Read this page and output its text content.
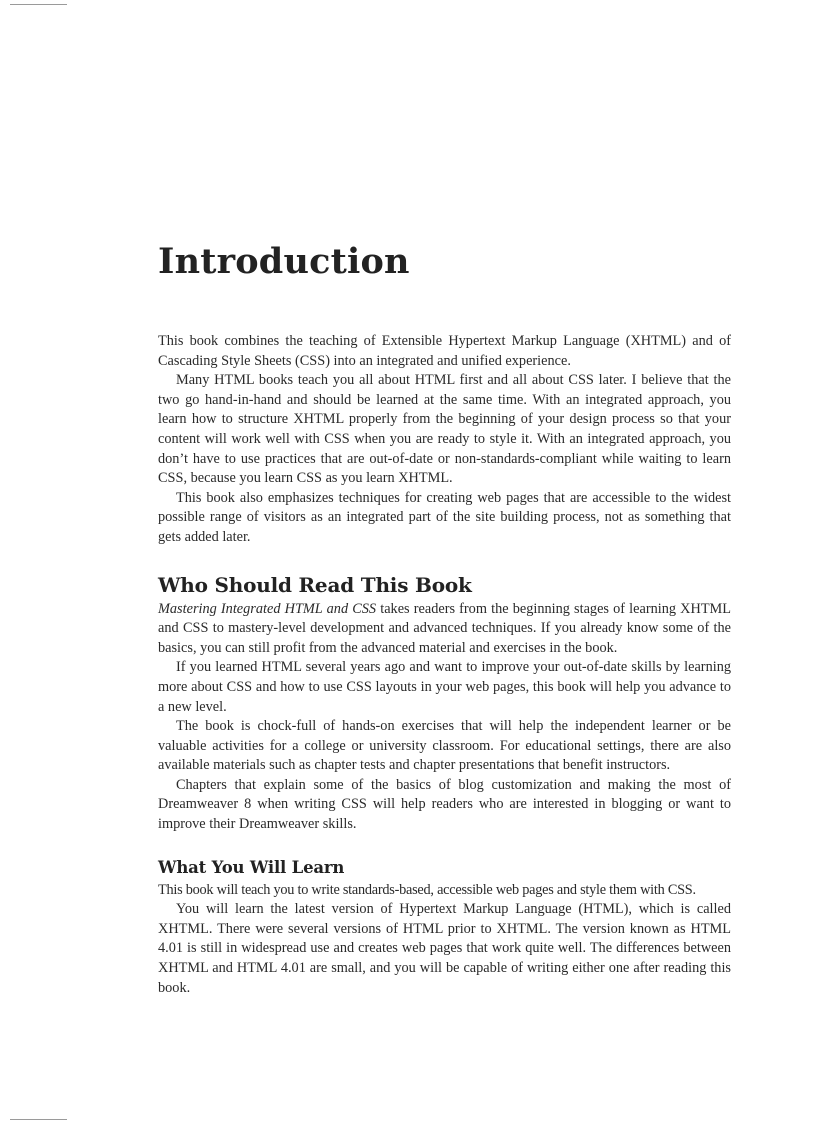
Introduction

This book combines the teaching of Extensible Hypertext Markup Language (XHTML) and of Cascading Style Sheets (CSS) into an integrated and unified experience.

Many HTML books teach you all about HTML first and all about CSS later. I believe that the two go hand-in-hand and should be learned at the same time. With an integrated approach, you learn how to structure XHTML properly from the beginning of your design process so that your content will work well with CSS when you are ready to style it. With an integrated approach, you don’t have to use practices that are out-of-date or non-standards-compliant while waiting to learn CSS, because you learn CSS as you learn XHTML.

This book also emphasizes techniques for creating web pages that are accessible to the widest possible range of visitors as an integrated part of the site building process, not as something that gets added later.

Who Should Read This Book

Mastering Integrated HTML and CSS takes readers from the beginning stages of learning XHTML and CSS to mastery-level development and advanced techniques. If you already know some of the basics, you can still profit from the advanced material and exercises in the book.

If you learned HTML several years ago and want to improve your out-of-date skills by learning more about CSS and how to use CSS layouts in your web pages, this book will help you advance to a new level.

The book is chock-full of hands-on exercises that will help the independent learner or be valuable activities for a college or university classroom. For educational settings, there are also available materials such as chapter tests and chapter presentations that benefit instructors.

Chapters that explain some of the basics of blog customization and making the most of Dreamweaver 8 when writing CSS will help readers who are interested in blogging or want to improve their Dreamweaver skills.

What You Will Learn

This book will teach you to write standards-based, accessible web pages and style them with CSS.

You will learn the latest version of Hypertext Markup Language (HTML), which is called XHTML. There were several versions of HTML prior to XHTML. The version known as HTML 4.01 is still in widespread use and creates web pages that work quite well. The differences between XHTML and HTML 4.01 are small, and you will be capable of writing either one after reading this book.
